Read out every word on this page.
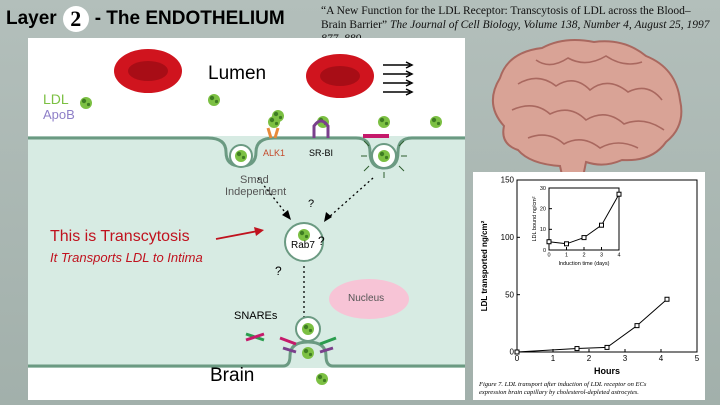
Layer 2 - The ENDOTHELIUM	“A New Function for the LDL Receptor: Transcytosis of LDL across the Blood–Brain Barrier” The Journal of Cell Biology, Volume 138, Number 4, August 25, 1997
Lumen
Brain
LDL
ApoB
ALK1	SR-BI
Smad
Independent
?
Rab7 ?
?
Nucleus
SNAREs
This is Transcytosis
It Transports LDL to Intima
0	1	2	3	4	5
0
50
100
150
Hours
LDL transported ng/cm²
Figure 7. LDL transport after induction of LDL receptor on ECs expression brain capillary by cholesterol-depleted astrocytes.
0	1	2	3	4
0
10
20
30
Induction time (days)
LDL bound ng/cm²
